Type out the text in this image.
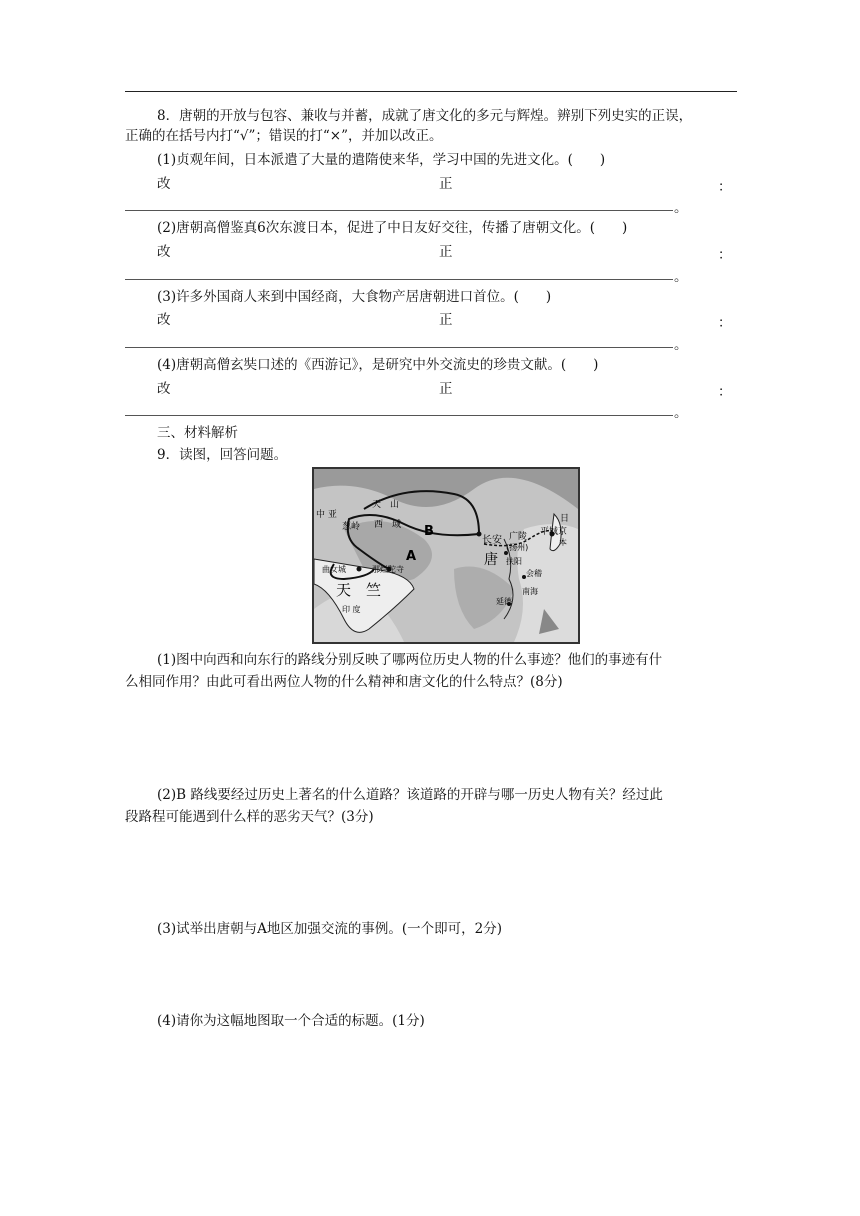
8．唐朝的开放与包容、兼收与并蓄，成就了唐文化的多元与辉煌。辨别下列史实的正误，
正确的在括号内打“√”；错误的打“×”，并加以改正。
(1)贞观年间，日本派遣了大量的遣隋使来华，学习中国的先进文化。(　　)
改	正	：
。
(2)唐朝高僧鉴真6次东渡日本，促进了中日友好交往，传播了唐朝文化。(　　)
改	正	：
。
(3)许多外国商人来到中国经商，大食物产居唐朝进口首位。(　　)
改	正	：
。
(4)唐朝高僧玄奘口述的《西游记》，是研究中外交流史的珍贵文献。(　　)
改	正	：
。
三、材料解析
9．读图，回答问题。
天　山
中 亚
葱岭 西　域 B
长安
唐
广陵
(扬州)
扶阳
会稽
南海
日
本
平城京
A
曲女城	那烂陀寺
天　竺
印 度
延德
(1)图中向西和向东行的路线分别反映了哪两位历史人物的什么事迹？他们的事迹有什
么相同作用？由此可看出两位人物的什么精神和唐文化的什么特点？(8分)
(2)B 路线要经过历史上著名的什么道路？该道路的开辟与哪一历史人物有关？经过此
段路程可能遇到什么样的恶劣天气？(3分)
(3)试举出唐朝与A地区加强交流的事例。(一个即可，2分)
(4)请你为这幅地图取一个合适的标题。(1分)
